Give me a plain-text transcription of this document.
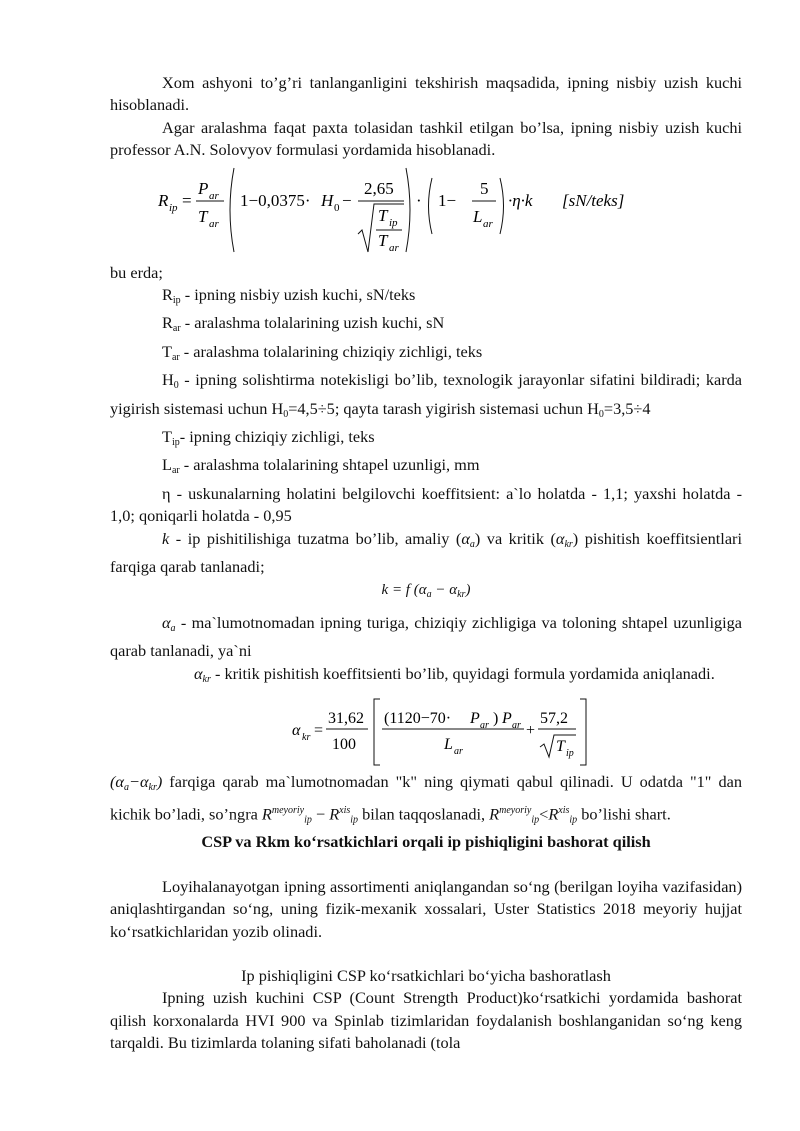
Xom ashyoni to’g’ri tanlanganligini tekshirish maqsadida, ipning nisbiy uzish kuchi hisoblanadi.

Agar aralashma faqat paxta tolasidan tashkil etilgan bo’lsa, ipning nisbiy uzish kuchi professor A.N. Solovyov formulasi yordamida hisoblanadi.

R ip =
P ar
T ar
1−0,0375· H 0 −
2,65
T ip
T ar
· 1−
5
L ar
·η·k [sN/teks]

bu erda;

$R_{ip}$ - ipning nisbiy uzish kuchi, sN/teks

$R_{ar}$ - aralashma tolalarining uzish kuchi, sN

$T_{ar}$ - aralashma tolalarining chiziqiy zichligi, teks

$H_0$ - ipning solishtirma notekisligi bo’lib, texnologik jarayonlar sifatini bildiradi; karda yigirish sistemasi uchun $H_0=4,5\div 5$; qayta tarash yigirish sistemasi uchun $H_0=3,5\div 4$

$T_{ip}-$ ipning chiziqiy zichligi, teks

$L_{ar}$ - aralashma tolalarining shtapel uzunligi, mm

η - uskunalarning holatini belgilovchi koeffitsient: a`lo holatda - 1,1; yaxshi holatda - 1,0; qoniqarli holatda - 0,95

k - ip pishitilishiga tuzatma bo’lib, amaliy $(\alpha_a)$ va kritik $(\alpha_{kr})$ pishitish koeffitsientlari farqiga qarab tanlanadi;

k = f $(\alpha_a - \alpha_{kr})$

$\alpha_a$ - ma`lumotnomadan ipning turiga, chiziqiy zichligiga va toloning shtapel uzunligiga qarab tanlanadi, ya`ni

$\alpha_{kr}$ - kritik pishitish koeffitsienti bo’lib, quyidagi formula yordamida aniqlanadi.

α kr =
31,62
100
(1120−70· P ar ) P ar
L ar
+
57,2
T ip

$(\alpha_a-\alpha_{kr})$ farqiga qarab ma`lumotnomadan "k" ning qiymati qabul qilinadi. U odatda "1" dan kichik bo’ladi, so’ngra $R^{meyoriy}_{ip} - R^{xis}_{ip}$ bilan taqqoslanadi, $R^{meyoriy}_{ip}<R^{xis}_{ip}$ bo’lishi shart.

CSP va Rkm ko‘rsatkichlari orqali ip pishiqligini bashorat qilish

Loyihalanayotgan ipning assortimenti aniqlangandan so‘ng (berilgan loyiha vazifasidan) aniqlashtirgandan so‘ng, uning fizik-mexanik xossalari, Uster Statistics 2018 meyoriy hujjat ko‘rsatkichlaridan yozib olinadi.

Ip pishiqligini CSP ko‘rsatkichlari bo‘yicha bashoratlash

Ipning uzish kuchini CSP (Count Strength Product)ko‘rsatkichi yordamida bashorat qilish korxonalarda HVI 900 va Spinlab tizimlaridan foydalanish boshlanganidan so‘ng keng tarqaldi. Bu tizimlarda tolaning sifati baholanadi (tola
